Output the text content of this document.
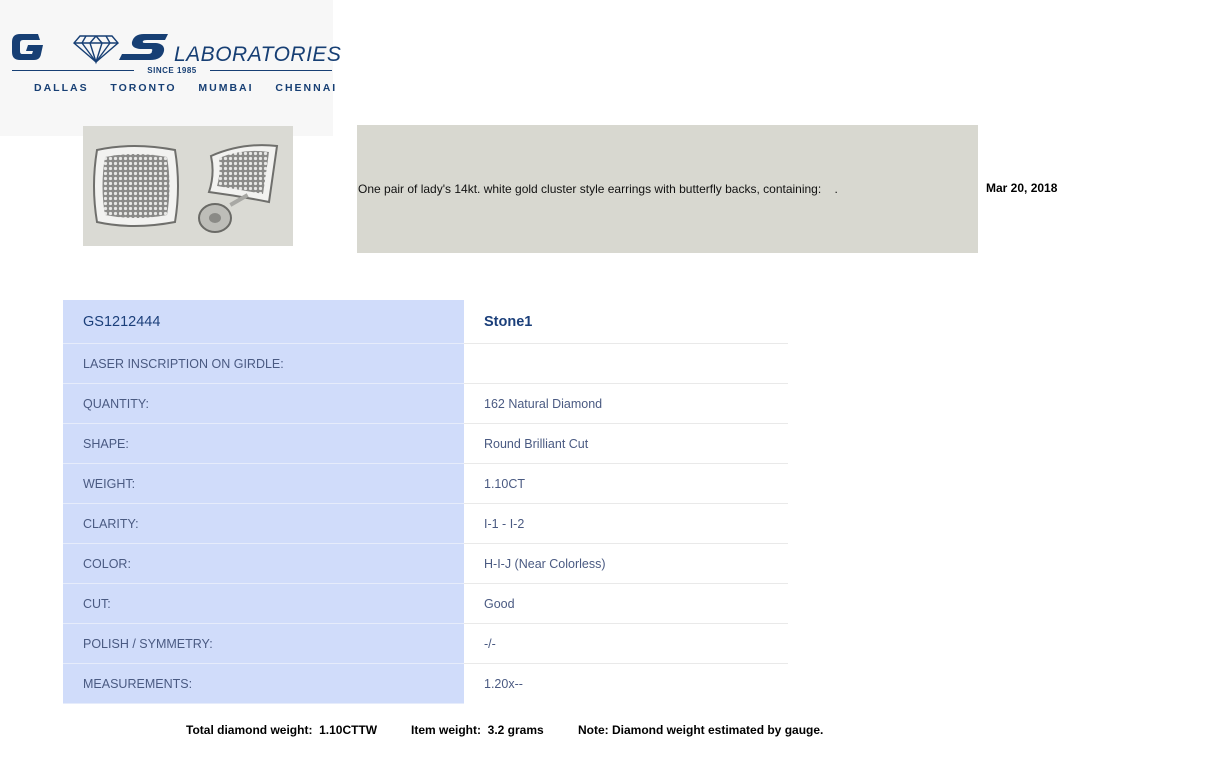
LABORATORIES
SINCE 1985
DALLAS  TORONTO  MUMBAI  CHENNAI
One pair of lady's 14kt. white gold cluster style earrings with butterfly backs, containing:    .	Mar 20, 2018
GS1212444	Stone1
LASER INSCRIPTION ON GIRDLE:
QUANTITY:	162 Natural Diamond
SHAPE:	Round Brilliant Cut
WEIGHT:	1.10CT
CLARITY:	I-1 - I-2
COLOR:	H-I-J (Near Colorless)
CUT:	Good
POLISH / SYMMETRY:	-/-
MEASUREMENTS:	1.20x--
Total diamond weight:  1.10CTTW	Item weight:  3.2 grams	Note: Diamond weight estimated by gauge.
